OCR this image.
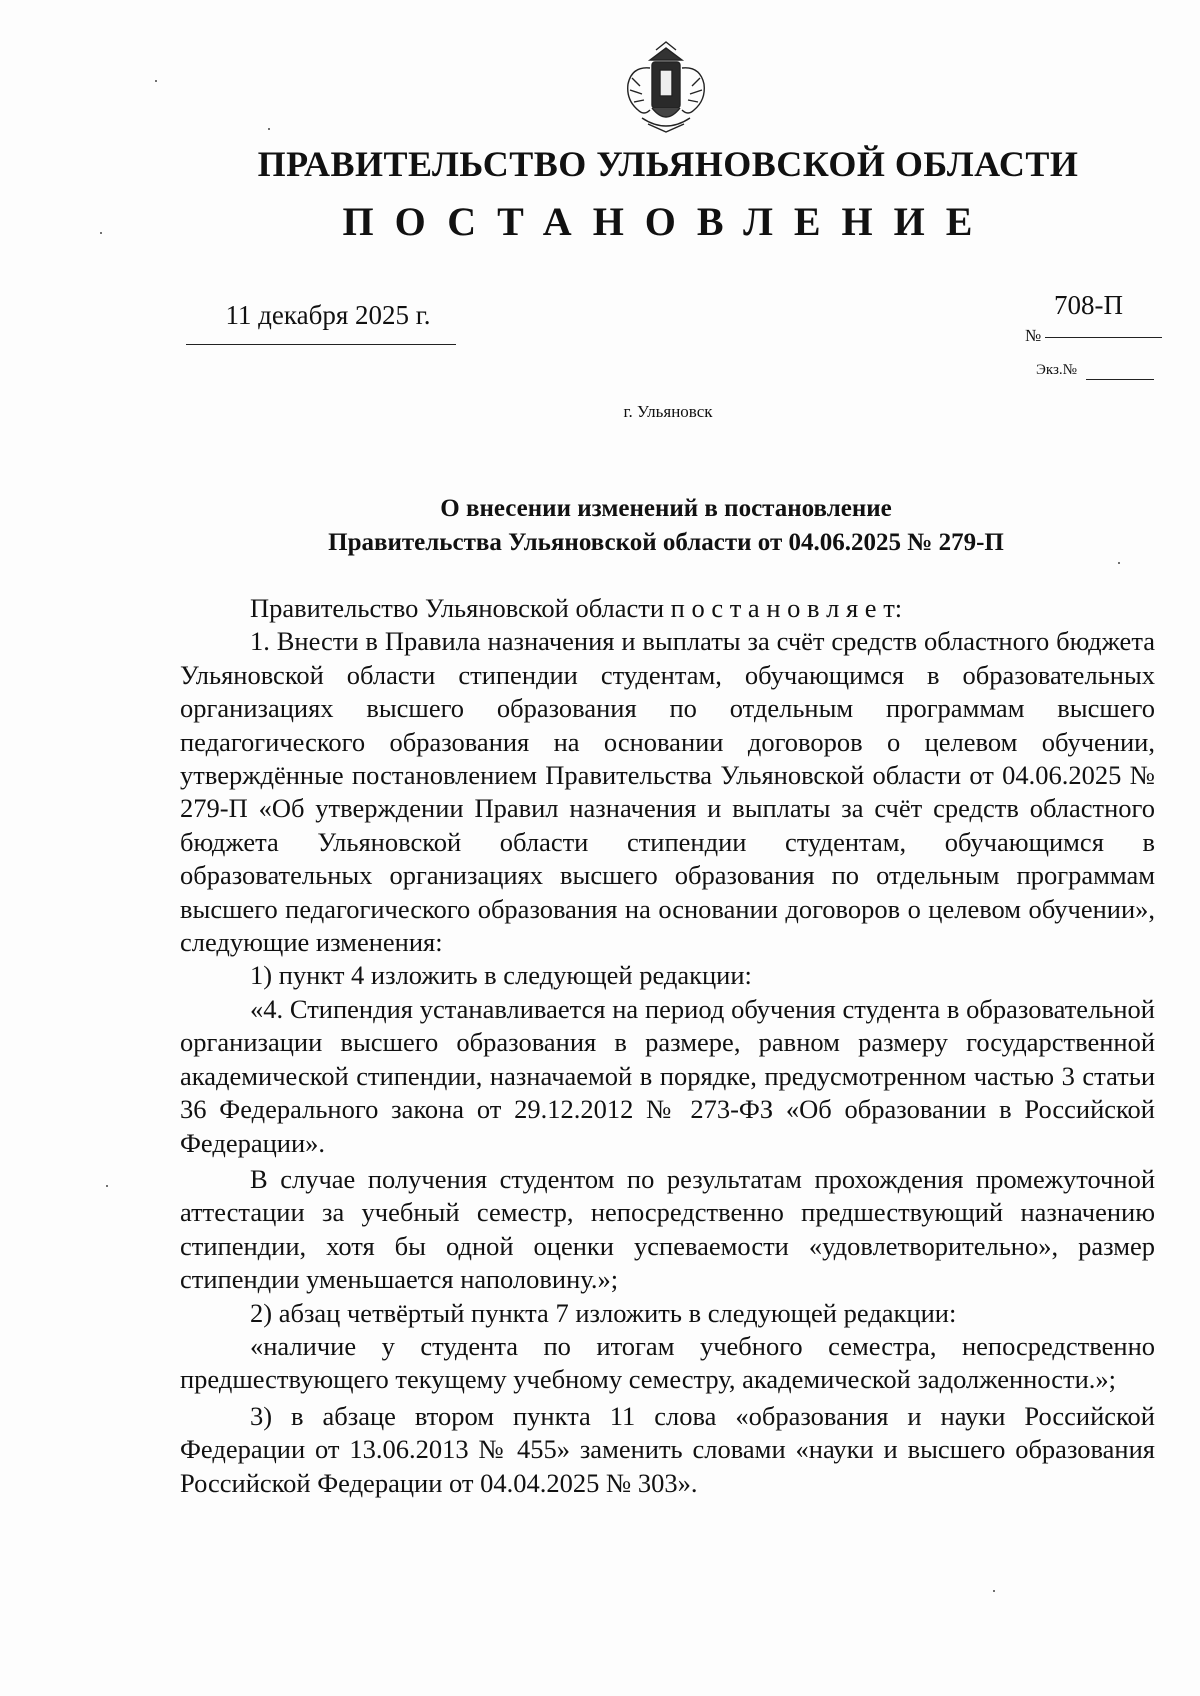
ПРАВИТЕЛЬСТВО УЛЬЯНОВСКОЙ ОБЛАСТИ
ПОСТАНОВЛЕНИЕ
11 декабря 2025 г.
№
708-П
Экз.№
г. Ульяновск
О внесении изменений в постановление
Правительства Ульяновской области от 04.06.2025 № 279-П

Правительство Ульяновской области п о с т а н о в л я е т:

1. Внести в Правила назначения и выплаты за счёт средств областного бюджета Ульяновской области стипендии студентам, обучающимся в образовательных организациях высшего образования по отдельным программам высшего педагогического образования на основании договоров о целевом обучении, утверждённые постановлением Правительства Ульяновской области от 04.06.2025 № 279-П «Об утверждении Правил назначения и выплаты за счёт средств областного бюджета Ульяновской области стипендии студентам, обучающимся в образовательных организациях высшего образования по отдельным программам высшего педагогического образования на основании договоров о целевом обучении», следующие изменения:

1) пункт 4 изложить в следующей редакции:

«4. Стипендия устанавливается на период обучения студента в образовательной организации высшего образования в размере, равном размеру государственной академической стипендии, назначаемой в порядке, предусмотренном частью 3 статьи 36 Федерального закона от 29.12.2012 № 273-ФЗ «Об образовании в Российской Федерации».

В случае получения студентом по результатам прохождения промежуточной аттестации за учебный семестр, непосредственно предшествующий назначению стипендии, хотя бы одной оценки успеваемости «удовлетворительно», размер стипендии уменьшается наполовину.»;

2) абзац четвёртый пункта 7 изложить в следующей редакции:

«наличие у студента по итогам учебного семестра, непосредственно предшествующего текущему учебному семестру, академической задолженности.»;

3) в абзаце втором пункта 11 слова «образования и науки Российской Федерации от 13.06.2013 № 455» заменить словами «науки и высшего образования Российской Федерации от 04.04.2025 № 303».
